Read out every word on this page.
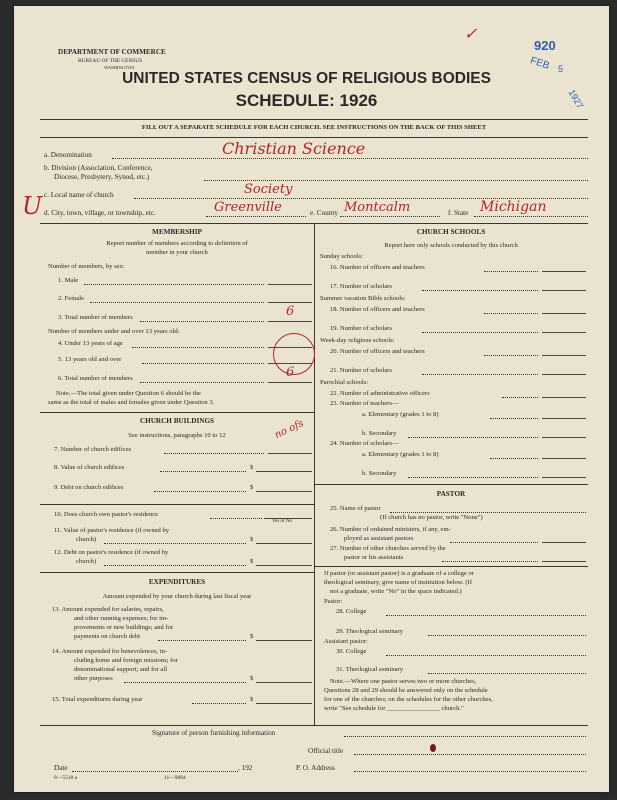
DEPARTMENT OF COMMERCE
BUREAU OF THE CENSUS
WASHINGTON
UNITED STATES CENSUS OF RELIGIOUS BODIES
SCHEDULE: 1926
920
FEB 5
1927
✓
FILL OUT A SEPARATE SCHEDULE FOR EACH CHURCH. SEE INSTRUCTIONS ON THE BACK OF THIS SHEET
a. Denomination	Christian Science
b. Division (Association, Conference,
Diocese, Presbytery, Synod, etc.)
U c. Local name of church	Society
d. City, town, village, or township, etc.	Greenville	e. County Montcalm	f. State Michigan
MEMBERSHIP
Report number of members according to definition of
member in your church
Number of members, by sex:
1. Male
2. Female
3. Total number of members	6
Number of members under and over 13 years old:
4. Under 13 years of age
5. 13 years old and over
6. Total number of members	6
Note.—The total given under Question 6 should be the
same as the total of males and females given under Question 3.
CHURCH BUILDINGS
See instructions, paragraphs 10 to 12	no ofs
7. Number of church edifices
8. Value of church edifices	$
9. Debt on church edifices	$
10. Does church own pastor's residence
Yes or No
11. Value of pastor's residence (if owned by
church)	$
12. Debt on pastor's residence (if owned by
church)	$
EXPENDITURES
Amount expended by your church during last fiscal year
13. Amount expended for salaries, repairs,
and other running expenses; for im-
provements or new buildings; and for
payments on church debt	$
14. Amount expended for benevolences, in-
cluding home and foreign missions; for
denominational support; and for all
other purposes	$
15. Total expenditures during year	$
CHURCH SCHOOLS
Report here only schools conducted by this church
Sunday schools:
16. Number of officers and teachers
17. Number of scholars
Summer vacation Bible schools:
18. Number of officers and teachers
19. Number of scholars
Week-day religious schools:
20. Number of officers and teachers
21. Number of scholars
Parochial schools:
22. Number of administrative officers
23. Number of teachers—
a. Elementary (grades 1 to 8)
b. Secondary
24. Number of scholars—
a. Elementary (grades 1 to 8)
b. Secondary
PASTOR
25. Name of pastor
(If church has no pastor, write "None")
26. Number of ordained ministers, if any, em-
ployed as assistant pastors
27. Number of other churches served by the
pastor or his assistants
If pastor (or assistant pastor) is a graduate of a college or
theological seminary, give name of institution below. (If
not a graduate, write "No" in the space indicated.)
Pastor:
28. College
29. Theological seminary
Assistant pastor:
30. College
31. Theological seminary
Note.—Where one pastor serves two or more churches,
Questions 28 and 29 should be answered only on the schedule
for one of the churches; on the schedules for the other churches,
write "See schedule for ________________ church."
Signature of person furnishing information
Official title
Date	, 192	P. O. Address
8—5518 a	11—9084
